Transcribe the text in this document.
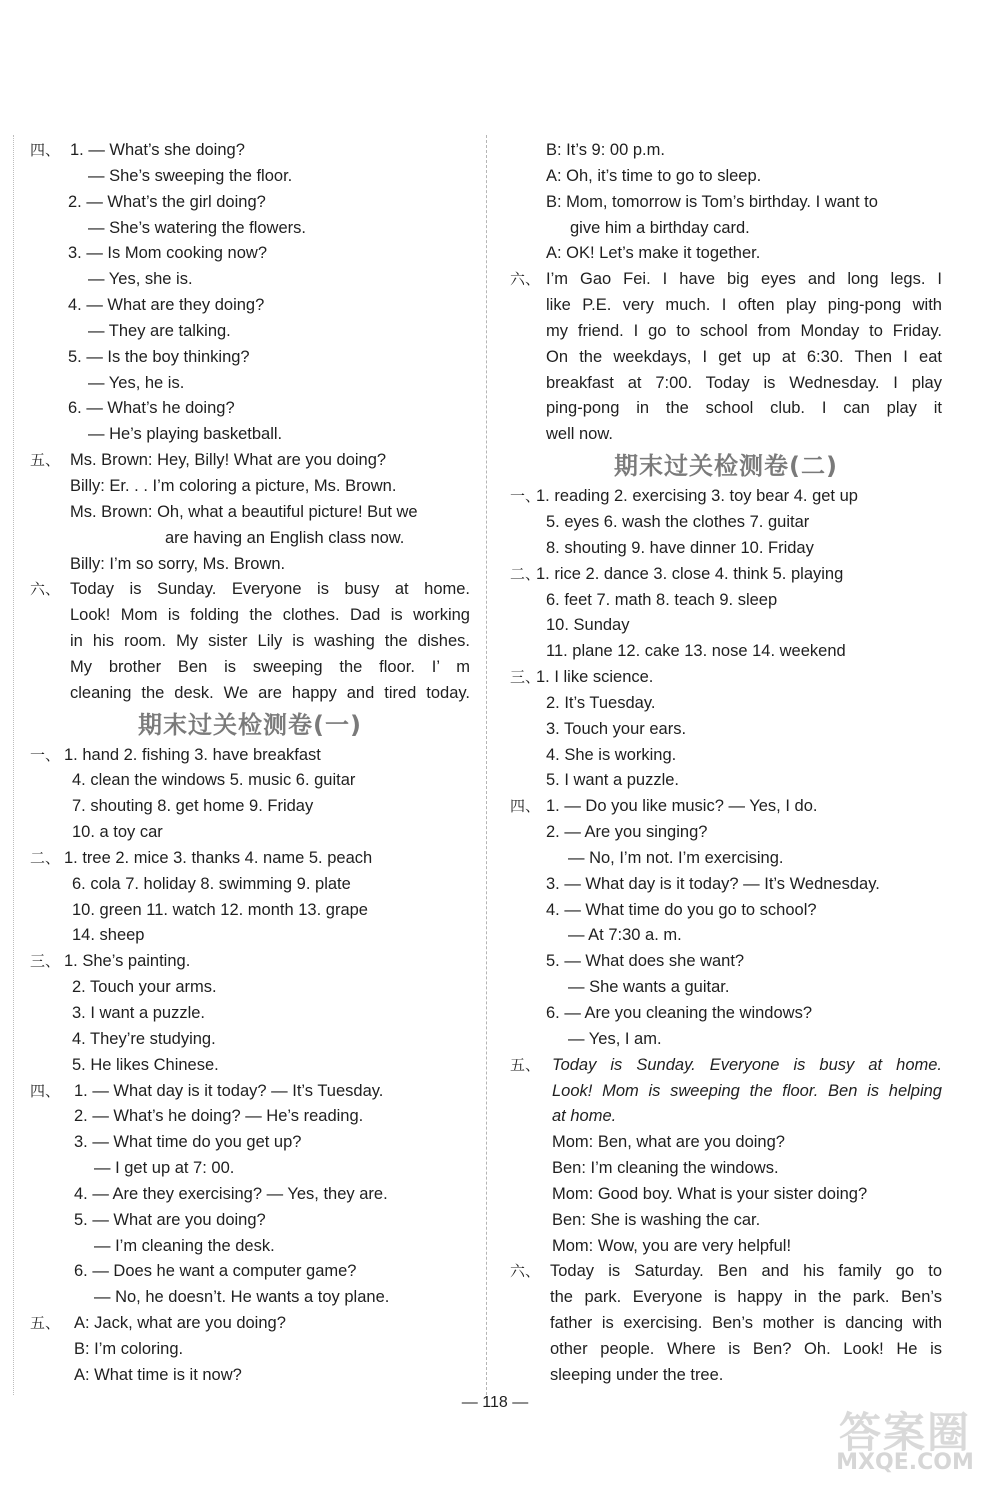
四、 1. — What’s she doing?
— She’s sweeping the floor.
2. — What’s the girl doing?
— She’s watering the flowers.
3. — Is Mom cooking now?
— Yes, she is.
4. — What are they doing?
— They are talking.
5. — Is the boy thinking?
— Yes, he is.
6. — What’s he doing?
— He’s playing basketball.
五、 Ms. Brown: Hey, Billy! What are you doing?
Billy: Er. . . I’m coloring a picture, Ms. Brown.
Ms. Brown: Oh, what a beautiful picture! But we
are having an English class now.
Billy: I’m so sorry, Ms. Brown.
六、 Today is Sunday. Everyone is busy at home.
Look! Mom is folding the clothes. Dad is working
in his room. My sister Lily is washing the dishes.
My brother Ben is sweeping the floor. I’ m
cleaning the desk. We are happy and tired today.
期末过关检测卷(一)
一、 1. hand 2. fishing 3. have breakfast
4. clean the windows 5. music 6. guitar
7. shouting 8. get home 9. Friday
10. a toy car
二、 1. tree 2. mice 3. thanks 4. name 5. peach
6. cola 7. holiday 8. swimming 9. plate
10. green 11. watch 12. month 13. grape
14. sheep
三、 1. She’s painting.
2. Touch your arms.
3. I want a puzzle.
4. They’re studying.
5. He likes Chinese.
四、 1. — What day is it today? — It’s Tuesday.
2. — What’s he doing? — He’s reading.
3. — What time do you get up?
— I get up at 7: 00.
4. — Are they exercising? — Yes, they are.
5. — What are you doing?
— I’m cleaning the desk.
6. — Does he want a computer game?
— No, he doesn’t. He wants a toy plane.
五、 A: Jack, what are you doing?
B: I’m coloring.
A: What time is it now?
B: It’s 9: 00 p.m.
A: Oh, it’s time to go to sleep.
B: Mom, tomorrow is Tom’s birthday. I want to
give him a birthday card.
A: OK! Let’s make it together.
六、 I’m Gao Fei. I have big eyes and long legs. I
like P.E. very much. I often play ping-pong with
my friend. I go to school from Monday to Friday.
On the weekdays, I get up at 6:30. Then I eat
breakfast at 7:00. Today is Wednesday. I play
ping-pong in the school club. I can play it
well now.
期末过关检测卷(二)
一、
1. reading 2. exercising 3. toy bear 4. get up
5. eyes 6. wash the clothes 7. guitar
8. shouting 9. have dinner 10. Friday
二、
1. rice 2. dance 3. close 4. think 5. playing
6. feet 7. math 8. teach 9. sleep
10. Sunday
11. plane 12. cake 13. nose 14. weekend
三、
1. I like science.
2. It’s Tuesday.
3. Touch your ears.
4. She is working.
5. I want a puzzle.
四、 1. — Do you like music? — Yes, I do.
2. — Are you singing?
— No, I’m not. I’m exercising.
3. — What day is it today? — It’s Wednesday.
4. — What time do you go to school?
— At 7:30 a. m.
5. — What does she want?
— She wants a guitar.
6. — Are you cleaning the windows?
— Yes, I am.
五、 Today is Sunday. Everyone is busy at home.
Look! Mom is sweeping the floor. Ben is helping
at home.
Mom: Ben, what are you doing?
Ben: I’m cleaning the windows.
Mom: Good boy. What is your sister doing?
Ben: She is washing the car.
Mom: Wow, you are very helpful!
六、 Today is Saturday. Ben and his family go to
the park. Everyone is happy in the park. Ben’s
father is exercising. Ben’s mother is dancing with
other people. Where is Ben? Oh. Look! He is
sleeping under the tree.
— 118 —
答案圈
MXQE.COM
